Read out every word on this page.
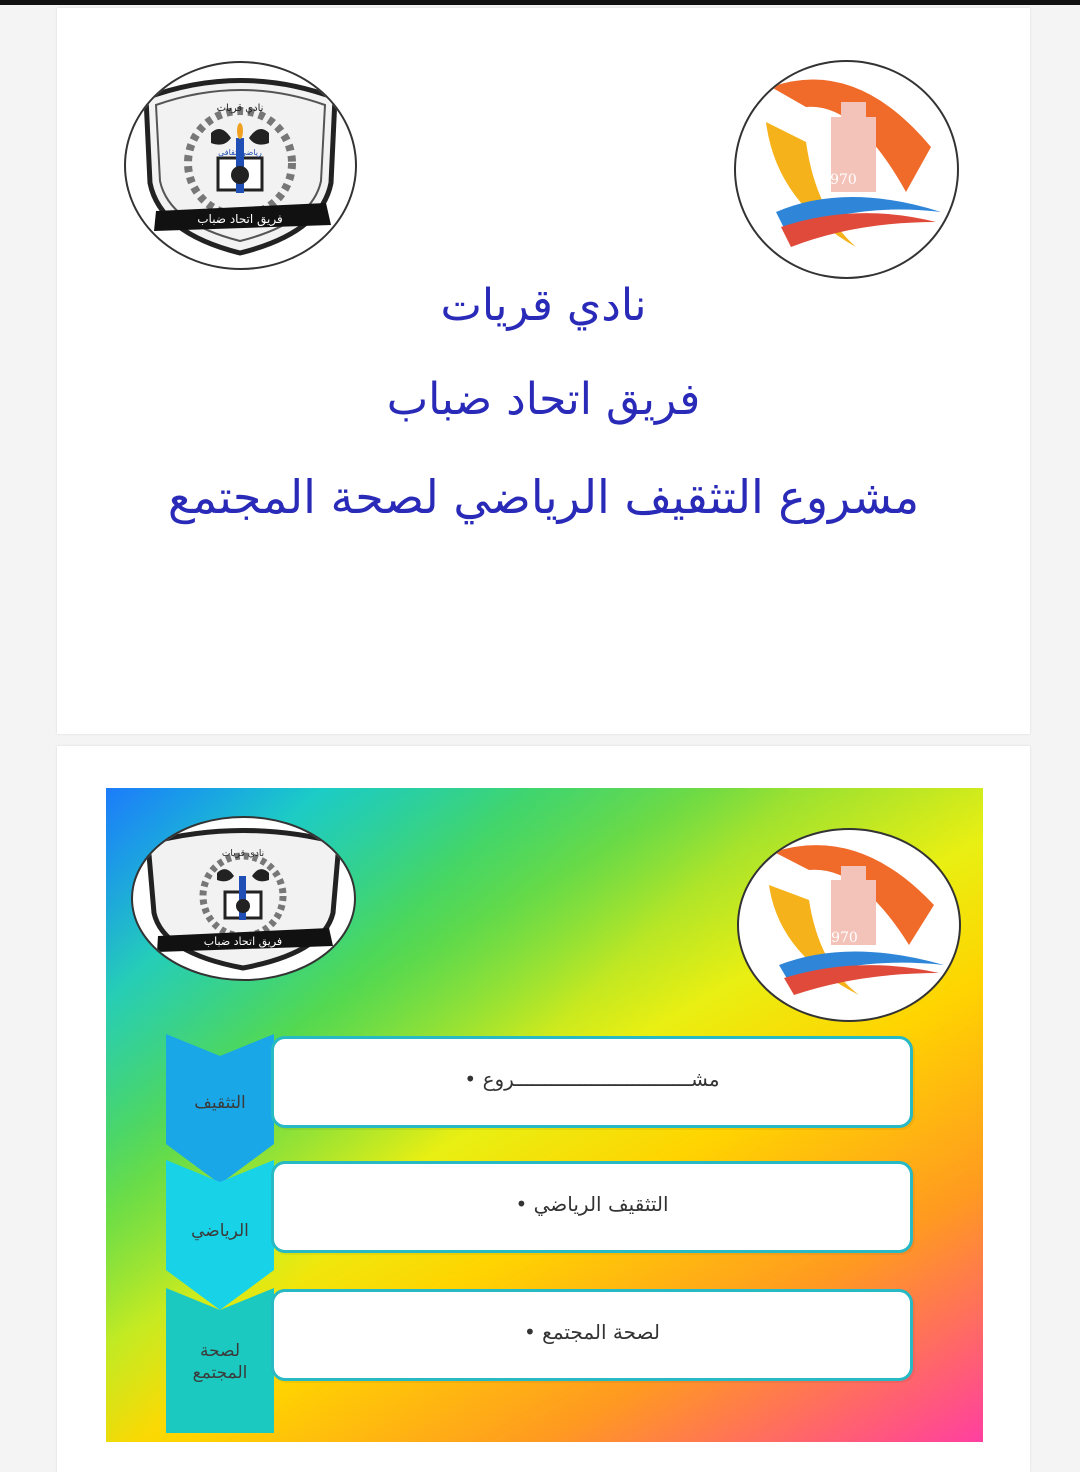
نادي قريات
رياضي ثقافي
فريق اتحاد ضباب
1970
نادي قريات
فريق اتحاد ضباب
مشروع التثقيف الرياضي لصحة المجتمع
نادي قريات
فريق اتحاد ضباب	1970
التثقيف
مشــــــــــــــــــــــــــــــروع •
الرياضي
التثقيف الرياضي •
لصحة المجتمع
لصحة المجتمع •
